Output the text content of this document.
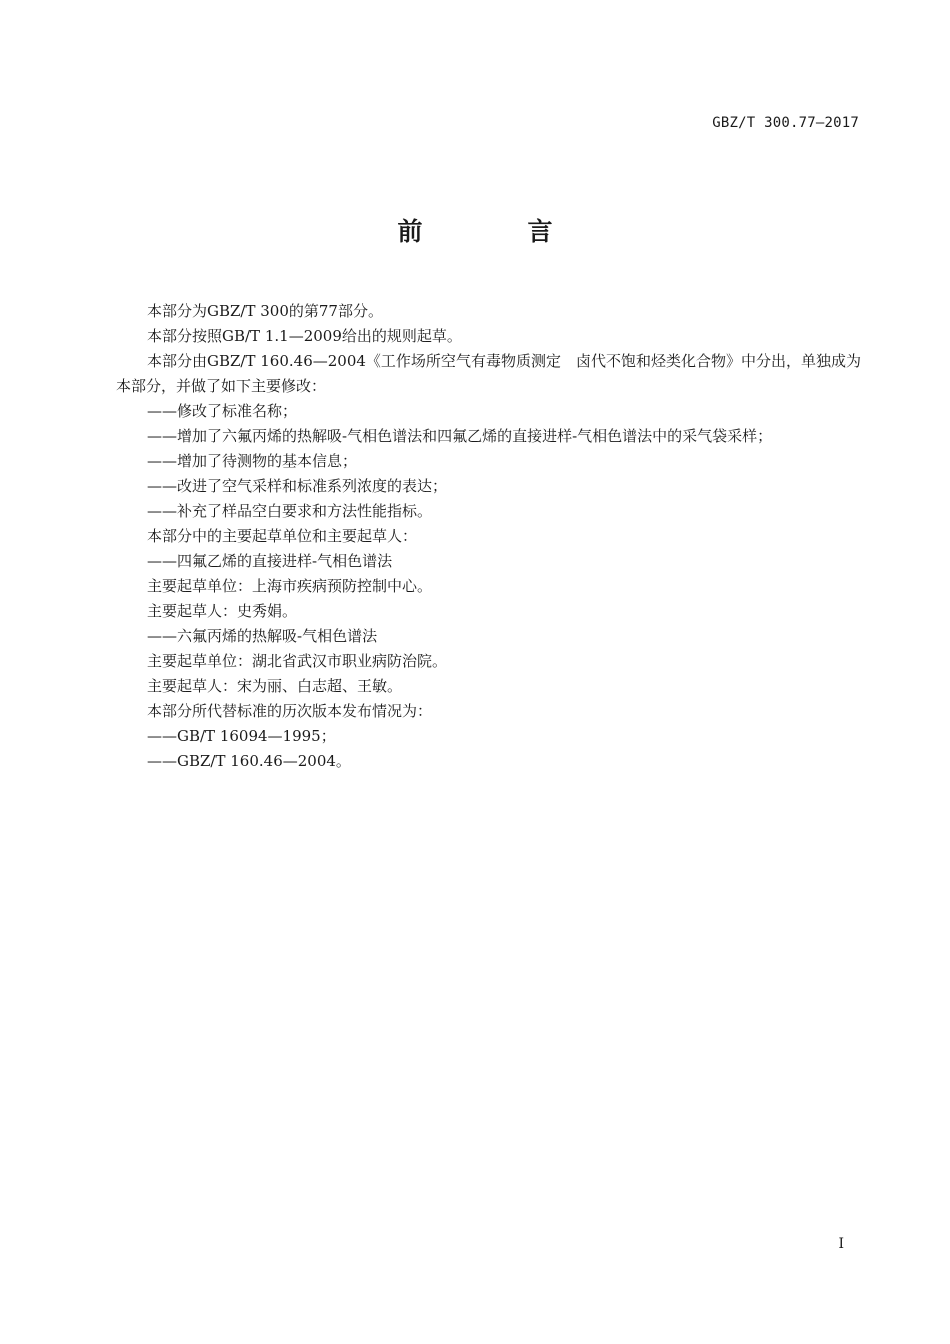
GBZ/T 300.77—2017
前　言

本部分为GBZ/T 300的第77部分。

本部分按照GB/T 1.1—2009给出的规则起草。

本部分由GBZ/T 160.46—2004《工作场所空气有毒物质测定　卤代不饱和烃类化合物》中分出，单独成为本部分，并做了如下主要修改：

——修改了标准名称；

——增加了六氟丙烯的热解吸-气相色谱法和四氟乙烯的直接进样-气相色谱法中的采气袋采样；

——增加了待测物的基本信息；

——改进了空气采样和标准系列浓度的表达；

——补充了样品空白要求和方法性能指标。

本部分中的主要起草单位和主要起草人：

——四氟乙烯的直接进样-气相色谱法

主要起草单位：上海市疾病预防控制中心。

主要起草人：史秀娟。

——六氟丙烯的热解吸-气相色谱法

主要起草单位：湖北省武汉市职业病防治院。

主要起草人：宋为丽、白志超、王敏。

本部分所代替标准的历次版本发布情况为：

——GB/T 16094—1995；

——GBZ/T 160.46—2004。

I
